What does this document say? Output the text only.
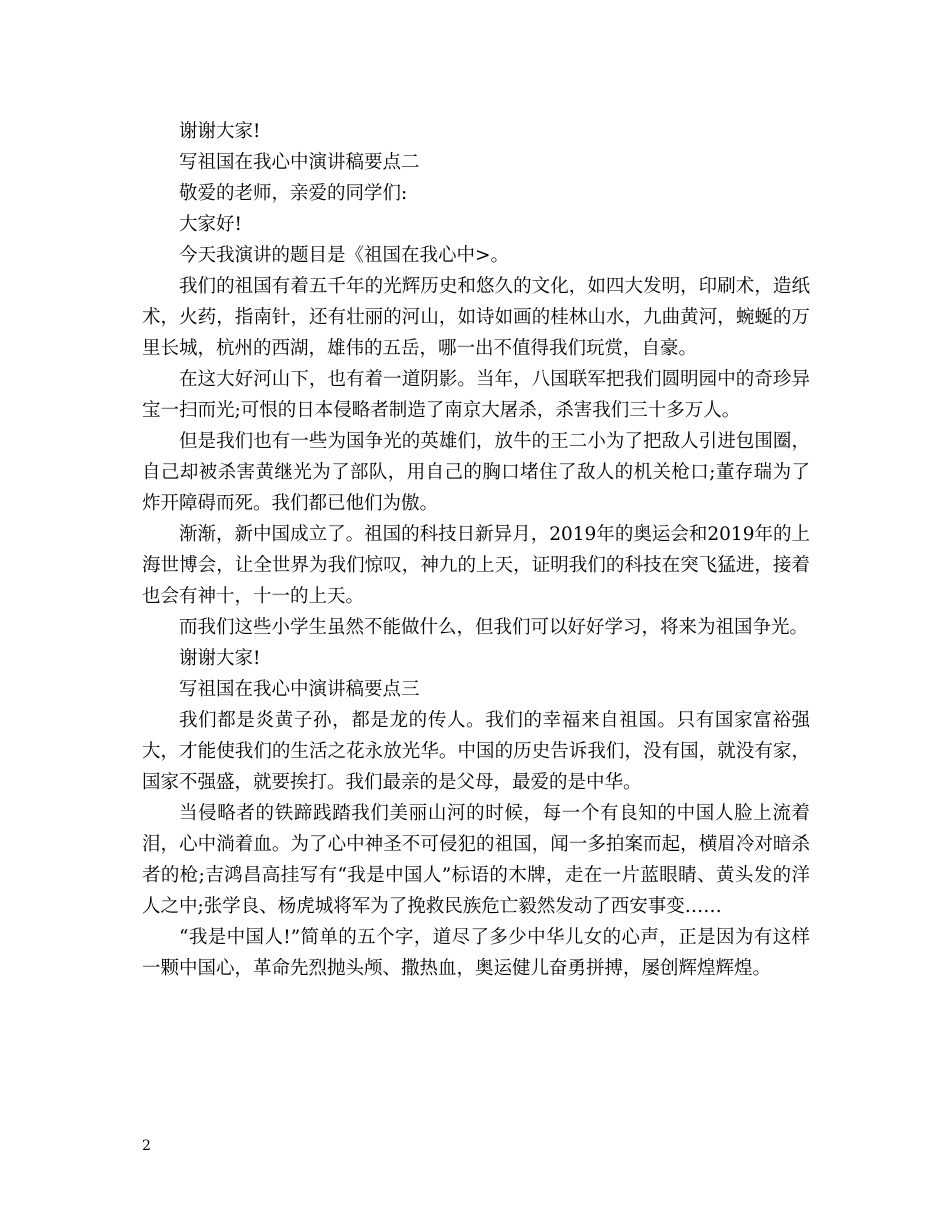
谢谢大家!

写祖国在我心中演讲稿要点二

敬爱的老师，亲爱的同学们:

大家好!

今天我演讲的题目是《祖国在我心中>。

我们的祖国有着五千年的光辉历史和悠久的文化，如四大发明，印刷术，造纸术，火药，指南针，还有壮丽的河山，如诗如画的桂林山水，九曲黄河，蜿蜒的万里长城，杭州的西湖，雄伟的五岳，哪一出不值得我们玩赏，自豪。

在这大好河山下，也有着一道阴影。当年，八国联军把我们圆明园中的奇珍异宝一扫而光;可恨的日本侵略者制造了南京大屠杀，杀害我们三十多万人。

但是我们也有一些为国争光的英雄们，放牛的王二小为了把敌人引进包围圈，自己却被杀害黄继光为了部队，用自己的胸口堵住了敌人的机关枪口;董存瑞为了炸开障碍而死。我们都已他们为傲。

渐渐，新中国成立了。祖国的科技日新异月，2019年的奥运会和2019年的上海世博会，让全世界为我们惊叹，神九的上天，证明我们的科技在突飞猛进，接着也会有神十，十一的上天。

而我们这些小学生虽然不能做什么，但我们可以好好学习，将来为祖国争光。

谢谢大家!

写祖国在我心中演讲稿要点三

我们都是炎黄子孙，都是龙的传人。我们的幸福来自祖国。只有国家富裕强大，才能使我们的生活之花永放光华。中国的历史告诉我们，没有国，就没有家，国家不强盛，就要挨打。我们最亲的是父母，最爱的是中华。

当侵略者的铁蹄践踏我们美丽山河的时候，每一个有良知的中国人脸上流着泪，心中淌着血。为了心中神圣不可侵犯的祖国，闻一多拍案而起，横眉冷对暗杀者的枪;吉鸿昌高挂写有“我是中国人”标语的木牌，走在一片蓝眼睛、黄头发的洋人之中;张学良、杨虎城将军为了挽救民族危亡毅然发动了西安事变……

“我是中国人!”简单的五个字，道尽了多少中华儿女的心声，正是因为有这样一颗中国心，革命先烈抛头颅、撒热血，奥运健儿奋勇拼搏，屡创辉煌辉煌。

2
